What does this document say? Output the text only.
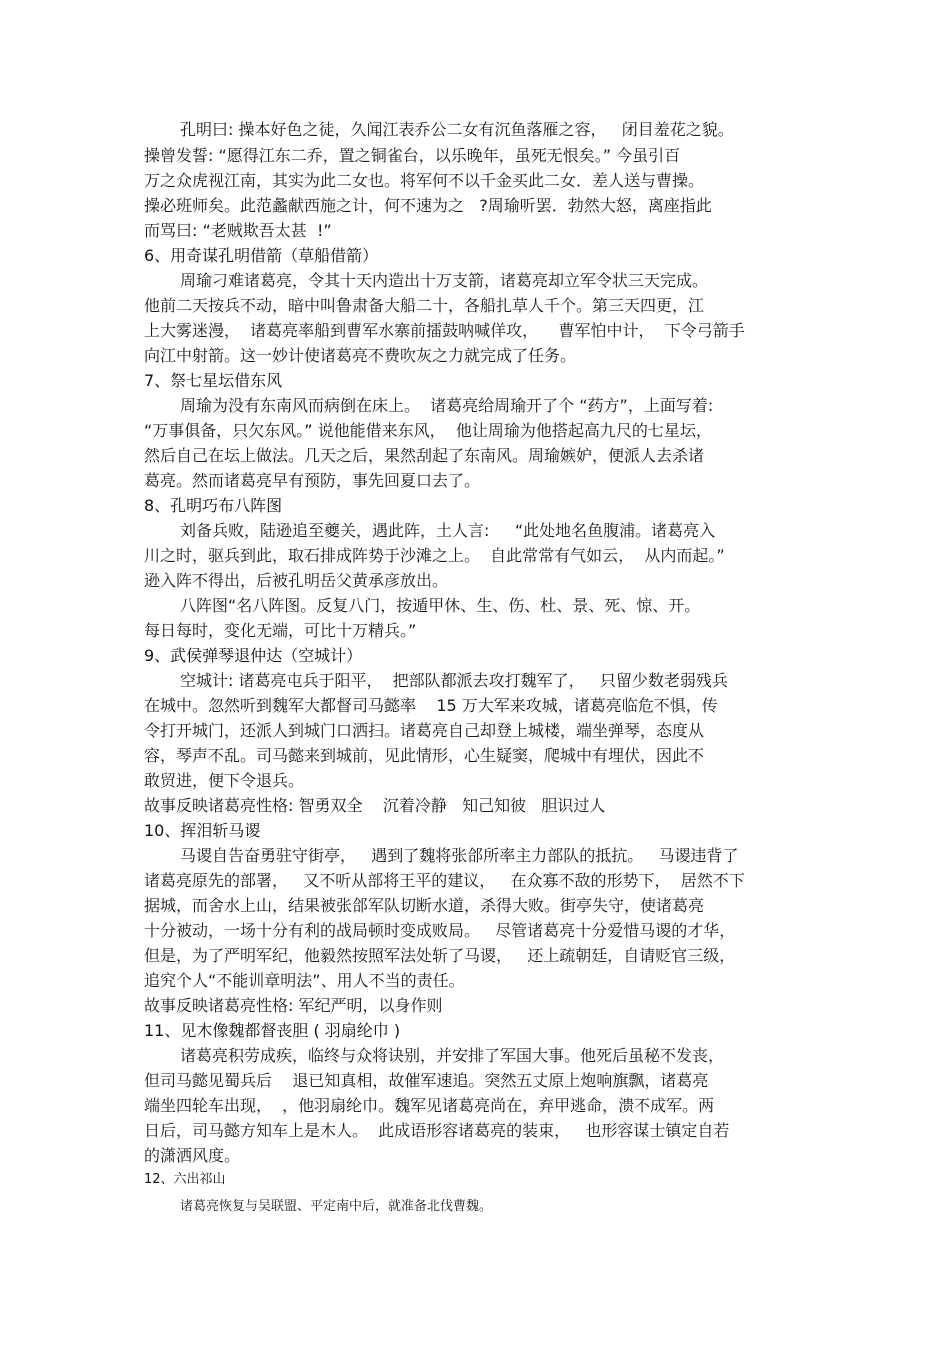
孔明曰: 操本好色之徒，久闻江表乔公二女有沉鱼落雁之容，   闭目羞花之貌。
操曾发誓: “愿得江东二乔，置之铜雀台，以乐晚年，虽死无恨矣。” 今虽引百
万之众虎视江南，其实为此二女也。将军何不以千金买此二女．差人送与曹操。
操必班师矣。此范蠡献西施之计，何不速为之   ?周瑜听罢．勃然大怒，离座指此
而骂曰: “老贼欺吾太甚  !”
6、用奇谋孔明借箭（草船借箭）
周瑜刁难诸葛亮，令其十天内造出十万支箭，诸葛亮却立军令状三天完成。
他前二天按兵不动，暗中叫鲁肃备大船二十，各船扎草人千个。第三天四更，江
上大雾迷漫，  诸葛亮率船到曹军水寨前擂鼓呐喊佯攻，    曹军怕中计，  下令弓箭手
向江中射箭。这一妙计使诸葛亮不费吹灰之力就完成了任务。
7、祭七星坛借东风
周瑜为没有东南风而病倒在床上。  诸葛亮给周瑜开了个 “药方”，上面写着:
“万事俱备，只欠东风。” 说他能借来东风，  他让周瑜为他搭起高九尺的七星坛，
然后自己在坛上做法。几天之后，果然刮起了东南风。周瑜嫉妒，便派人去杀诸
葛亮。然而诸葛亮早有预防，事先回夏口去了。
8、孔明巧布八阵图
刘备兵败，陆逊追至夔关，遇此阵，土人言:     “此处地名鱼腹浦。诸葛亮入
川之时，驱兵到此，取石排成阵势于沙滩之上。  自此常常有气如云，  从内而起。”
逊入阵不得出，后被孔明岳父黄承彦放出。
八阵图“名八阵图。反复八门，按遁甲休、生、伤、杜、景、死、惊、开。
每日每时，变化无端，可比十万精兵。”
9、武侯弹琴退仲达（空城计）
空城计: 诸葛亮屯兵于阳平，  把部队都派去攻打魏军了，   只留少数老弱残兵
在城中。忽然听到魏军大都督司马懿率    15 万大军来攻城，诸葛亮临危不惧，传
令打开城门，还派人到城门口洒扫。诸葛亮自己却登上城楼，端坐弹琴，态度从
容，琴声不乱。司马懿来到城前，见此情形，心生疑窦，爬城中有埋伏，因此不
敢贸进，便下令退兵。
故事反映诸葛亮性格: 智勇双全    沉着冷静   知己知彼   胆识过人
10、挥泪斩马谡
马谡自告奋勇驻守街亭，   遇到了魏将张郃所率主力部队的抵抗。   马谡违背了
诸葛亮原先的部署，   又不听从部将王平的建议，   在众寡不敌的形势下，  居然不下
据城，而舍水上山，结果被张郃军队切断水道，杀得大败。街亭失守，使诸葛亮
十分被动，一场十分有利的战局顿时变成败局。   尽管诸葛亮十分爱惜马谡的才华，
但是，为了严明军纪，他毅然按照军法处斩了马谡，   还上疏朝廷，自请贬官三级，
追究个人“不能训章明法”、用人不当的责任。
故事反映诸葛亮性格: 军纪严明，以身作则
11、见木像魏都督丧胆 ( 羽扇纶巾 )
诸葛亮积劳成疾，临终与众将诀别，并安排了军国大事。他死后虽秘不发丧，
但司马懿见蜀兵后    退已知真相，故催军速追。突然五丈原上炮响旗飘，诸葛亮
端坐四轮车出现，  ，他羽扇纶巾。魏军见诸葛亮尚在，弃甲逃命，溃不成军。两
日后，司马懿方知车上是木人。  此成语形容诸葛亮的装束，   也形容谋士镇定自若
的潇洒风度。
12、六出祁山
诸葛亮恢复与吴联盟、平定南中后，就准备北伐曹魏。
